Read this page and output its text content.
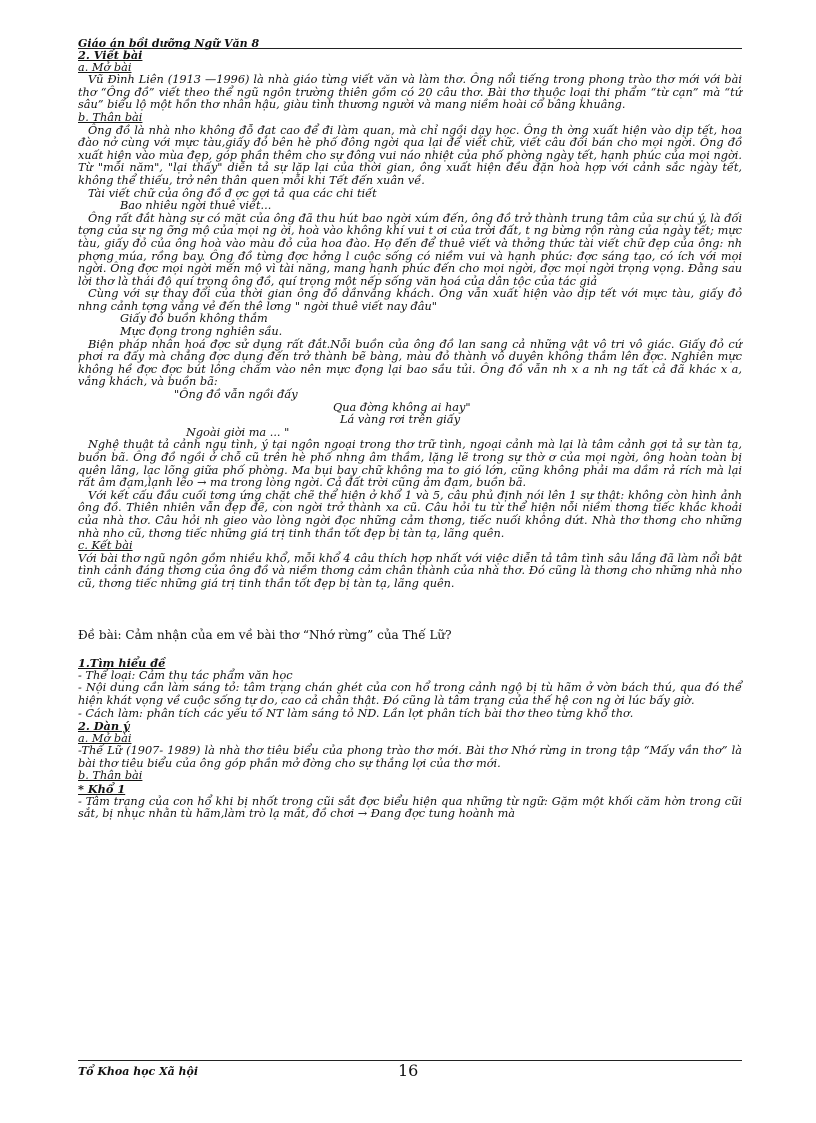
Giáo án bồi dưỡng Ngữ Văn 8

2. Viết bài

a. Mở bài

Vũ Đình Liên (1913 —1996) là nhà giáo từng viết văn và làm thơ. Ông nổi tiếng trong phong trào thơ mới với bài thơ “Ông đồ” viết theo thể ngũ ngôn trường thiên gồm có 20 câu thơ. Bài thơ thuộc loại thi phẩm “từ cạn” mà “tứ sâu” biểu lộ một hồn thơ nhân hậu, giàu tình thương người và mang niềm hoài cổ bâng khuâng.

b. Thân bài

Ông đồ là nhà nho không đỗ đạt cao để đi làm quan, mà chỉ ngồi dạy học. Ông th ờng xuất hiện vào dịp tết, hoa đào nở cùng với mực tàu,giấy đỏ bên hè phố đông ngời qua lại để viết chữ, viết câu đối bán cho mọi ngời. Ông đồ xuất hiện vào mùa đẹp, góp phần thêm cho sự đông vui náo nhiệt của phố phờng ngày tết, hạnh phúc của mọi ngời. Từ "mỗi năm", "lại thấy" diễn tả sự lặp lại của thời gian, ông xuất hiện đều đặn hoà hợp với cảnh sắc ngày tết, không thể thiếu, trở nên thân quen mỗi khi Tết đến xuân về.

Tài viết chữ của ông đồ đ ợc gợi tả qua các chi tiết

Bao nhiêu ngời thuê viết...

Ông rất đắt hàng sự có mặt của ông đã thu hút bao ngời xúm đến, ông đồ trở thành trung tâm của sự chú ý, là đối tợng của sự ng ỡng mộ của mọi ng ời, hoà vào không khí vui t ơi của trời đất, t ng bừng rộn ràng của ngày tết; mực tàu, giấy đỏ của ông hoà vào màu đỏ của hoa đào. Họ đến để thuê viết và thởng thức tài viết chữ đẹp của ông: nh phợng múa, rồng bay. Ông đồ từng đợc hởng l cuộc sống có niềm vui và hạnh phúc: đợc sáng tạo, có ích với mọi ngời. Ông đợc mọi ngời mến mộ vì tài năng, mang hạnh phúc đến cho mọi ngời, đợc mọi ngời trọng vọng. Đằng sau lời thơ là thái độ quí trọng ông đồ, quí trọng một nếp sống văn hoá của dân tộc của tác giả

Cùng với sự thay đổi của thời gian ông đồ dầnvắng khách. Ông vẫn xuất hiện vào dịp tết với mực tàu, giấy đỏ nhng cảnh tợng vắng vẻ đến thê lơng " ngời thuê viết nay đâu"

Giấy đỏ buồn không thắm

Mực đọng trong nghiên sầu.

Biện pháp nhân hoá đợc sử dụng rất đắt.Nỗi buồn của ông đồ lan sang cả những vật vô tri vô giác. Giấy đỏ cứ phơi ra đấy mà chẳng đợc dụng đến trở thành bẽ bàng, màu đỏ thành vô duyên không thắm lên đợc. Nghiên mực không hề đợc đợc bút lông chấm vào nên mực đọng lại bao sầu tủi. Ông đồ vẫn nh x a nh ng tất cả đã khác x a, vắng khách, và buồn bã:

"Ông đồ vẫn ngồi đấy

Qua đờng không ai hay"

Lá vàng rơi trên giấy

Ngoài giời ma ... "

Nghệ thuật tả cảnh ngụ tình, ý tại ngôn ngoại trong thơ trữ tình, ngoại cảnh mà lại là tâm cảnh gợi tả sự tàn tạ, buồn bã. Ông đồ ngồi ở chỗ cũ trên hè phố nhng âm thầm, lặng lẽ trong sự thờ ơ của mọi ngời, ông hoàn toàn bị quên lãng, lạc lõng giữa phố phờng. Ma bụi bay chữ không ma to gió lớn, cũng không phải ma dầm rả rích mà lại rất âm đạm,lạnh lẽo → ma trong lòng ngời. Cả đất trời cũng ảm đạm, buồn bã.

Với kết cấu đầu cuối tơng ứng chặt chẽ thể hiện ở khổ 1 và 5, câu phủ định nói lên 1 sự thật: không còn hình ảnh ông đồ. Thiên nhiên vẫn đẹp đẽ, con ngời trở thành xa cũ. Câu hỏi tu từ thể hiện nỗi niềm thơng tiếc khắc khoải của nhà thơ. Câu hỏi nh gieo vào lòng ngời đọc những cảm thơng, tiếc nuối không dứt. Nhà thơ thơng cho những nhà nho cũ, thơng tiếc những giá trị tinh thần tốt đẹp bị tàn tạ, lãng quên.

c. Kết bài

Với bài thơ ngũ ngôn gồm nhiều khổ, mỗi khổ 4 câu thích hợp nhất với việc diễn tả tâm tình sâu lắng đã làm nổi bật tình cảnh đáng thơng của ông đồ và niềm thơng cảm chân thành của nhà thơ. Đó cũng là thơng cho những nhà nho cũ, thơng tiếc những giá trị tinh thần tốt đẹp bị tàn tạ, lãng quên.

Đề bài: Cảm nhận của em về bài thơ “Nhớ rừng” của Thế Lữ?

1.Tìm hiểu đề

- Thể loại: Cảm thụ tác phẩm văn học

- Nội dung cần làm sáng tỏ: tâm trạng chán ghét của con hổ trong cảnh ngộ bị tù hãm ở vờn bách thú, qua đó thể hiện khát vọng về cuộc sống tự do, cao cả chân thật. Đó cũng là tâm trạng của thế hệ con ng ời lúc bấy giờ.

- Cách làm: phân tích các yếu tố NT làm sáng tỏ ND. Lần lợt phân tích bài thơ theo từng khổ thơ.

2. Dàn ý

a. Mở bài

-Thế Lữ (1907- 1989) là nhà thơ tiêu biểu của phong trào thơ mới. Bài thơ Nhớ rừng in trong tập “Mấy vần thơ” là bài thơ tiêu biểu của ông góp phần mở đờng cho sự thắng lợi của thơ mới.

b. Thân bài

* Khổ 1

- Tâm trạng của con hổ khi bị nhốt trong cũi sắt đợc biểu hiện qua những từ ngữ: Gặm một khối căm hờn trong cũi sắt, bị nhục nhằn tù hãm,làm trò lạ mắt, đồ chơi → Đang đợc tung hoành mà

Tổ Khoa học Xã hội	16
